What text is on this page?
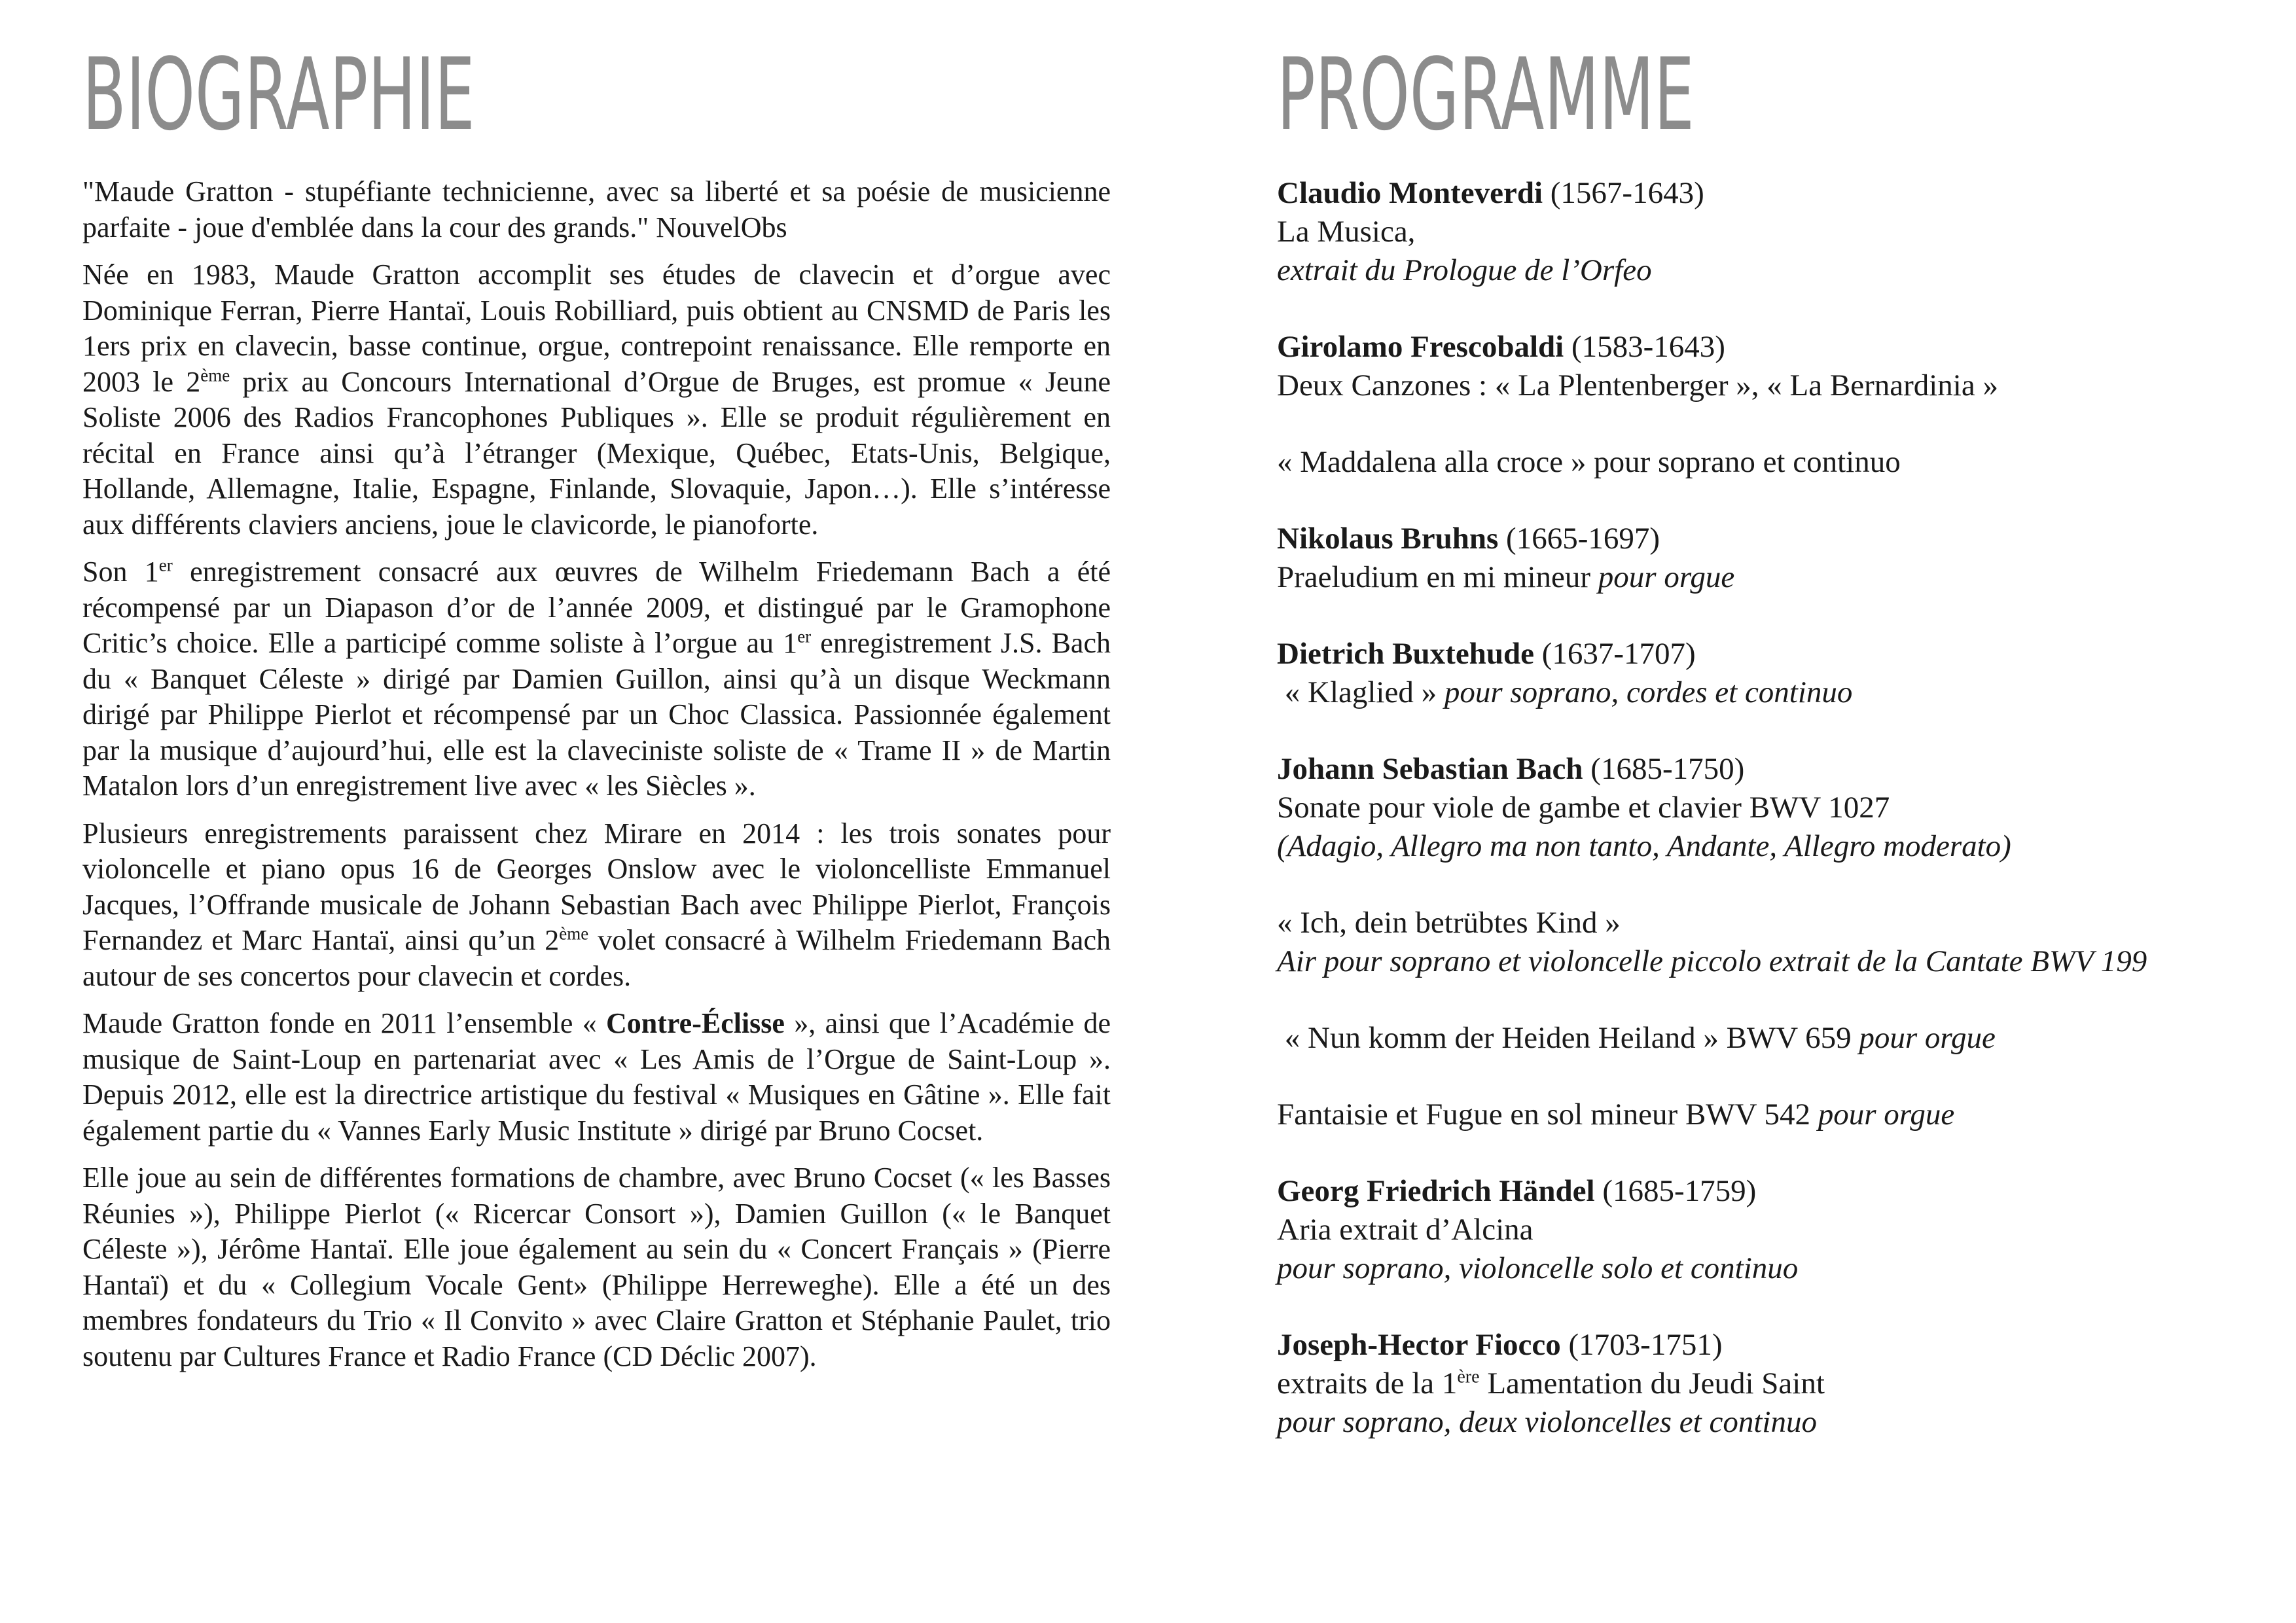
BIOGRAPHIE

"Maude Gratton - stupéfiante technicienne, avec sa liberté et sa poésie de musicienne parfaite - joue d'emblée dans la cour des grands." NouvelObs

Née en 1983, Maude Gratton accomplit ses études de clavecin et d’orgue avec Dominique Ferran, Pierre Hantaï, Louis Robilliard, puis obtient au CNSMD de Paris les 1ers prix en clavecin, basse continue, orgue, contrepoint renaissance. Elle remporte en 2003 le 2ème prix au Concours International d’Orgue de Bruges, est promue « Jeune Soliste 2006 des Radios Francophones Publiques ». Elle se produit régulièrement en récital en France ainsi qu’à l’étranger (Mexique, Québec, Etats-Unis, Belgique, Hollande, Allemagne, Italie, Espagne, Finlande, Slovaquie, Japon…). Elle s’intéresse aux différents claviers anciens, joue le clavicorde, le pianoforte.

Son 1er enregistrement consacré aux œuvres de Wilhelm Friedemann Bach a été récompensé par un Diapason d’or de l’année 2009, et distingué par le Gramophone Critic’s choice. Elle a participé comme soliste à l’orgue au 1er enregistrement J.S. Bach du « Banquet Céleste » dirigé par Damien Guillon, ainsi qu’à un disque Weckmann dirigé par Philippe Pierlot et récompensé par un Choc Classica. Passionnée également par la musique d’aujourd’hui, elle est la claveciniste soliste de « Trame II » de Martin Matalon lors d’un enregistrement live avec « les Siècles ».

Plusieurs enregistrements paraissent chez Mirare en 2014 : les trois sonates pour violoncelle et piano opus 16 de Georges Onslow avec le violoncelliste Emmanuel Jacques, l’Offrande musicale de Johann Sebastian Bach avec Philippe Pierlot, François Fernandez et Marc Hantaï, ainsi qu’un 2ème volet consacré à Wilhelm Friedemann Bach autour de ses concertos pour clavecin et cordes.

Maude Gratton fonde en 2011 l’ensemble « Contre-Éclisse », ainsi que l’Académie de musique de Saint-Loup en partenariat avec « Les Amis de l’Orgue de Saint-Loup ». Depuis 2012, elle est la directrice artistique du festival « Musiques en Gâtine ». Elle fait également partie du « Vannes Early Music Institute » dirigé par Bruno Cocset.

Elle joue au sein de différentes formations de chambre, avec Bruno Cocset (« les Basses Réunies »), Philippe Pierlot (« Ricercar Consort »), Damien Guillon (« le Banquet Céleste »), Jérôme Hantaï. Elle joue également au sein du « Concert Français » (Pierre Hantaï) et du « Collegium Vocale Gent» (Philippe Herreweghe). Elle a été un des membres fondateurs du Trio « Il Convito » avec Claire Gratton et Stéphanie Paulet, trio soutenu par Cultures France et Radio France (CD Déclic 2007).

PROGRAMME
Claudio Monteverdi (1567-1643)
La Musica,
extrait du Prologue de l’Orfeo
Girolamo Frescobaldi (1583-1643)
Deux Canzones : « La Plentenberger », « La Bernardinia »
« Maddalena alla croce » pour soprano et continuo
Nikolaus Bruhns (1665-1697)
Praeludium en mi mineur pour orgue
Dietrich Buxtehude (1637-1707)
« Klaglied » pour soprano, cordes et continuo
Johann Sebastian Bach (1685-1750)
Sonate pour viole de gambe et clavier BWV 1027
(Adagio, Allegro ma non tanto, Andante, Allegro moderato)
« Ich, dein betrübtes Kind »
Air pour soprano et violoncelle piccolo extrait de la Cantate BWV 199
« Nun komm der Heiden Heiland » BWV 659 pour orgue
Fantaisie et Fugue en sol mineur BWV 542 pour orgue
Georg Friedrich Händel (1685-1759)
Aria extrait d’Alcina
pour soprano, violoncelle solo et continuo
Joseph-Hector Fiocco (1703-1751)
extraits de la 1ère Lamentation du Jeudi Saint
pour soprano, deux violoncelles et continuo
